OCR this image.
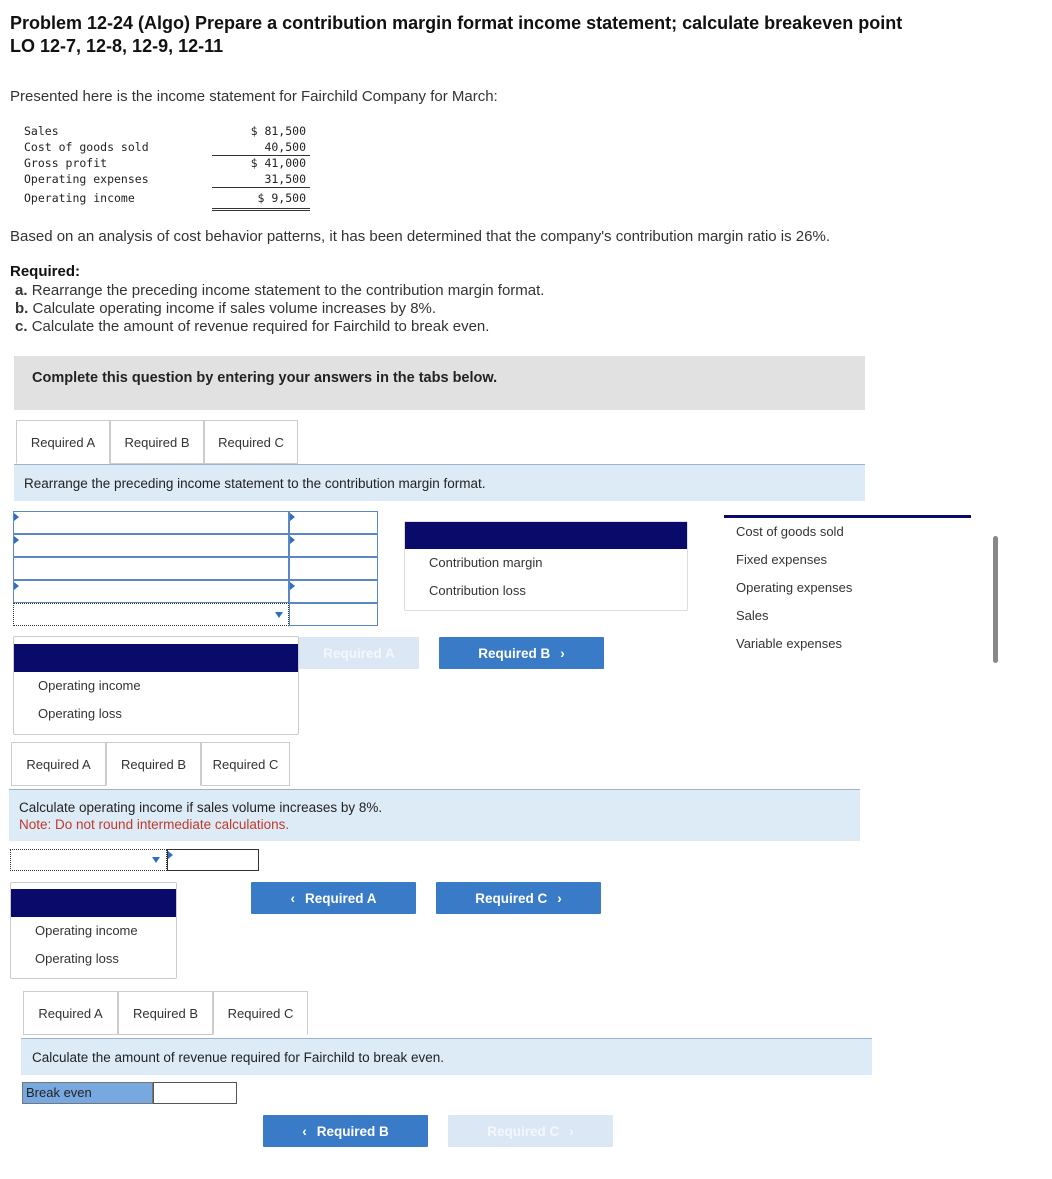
Problem 12-24 (Algo) Prepare a contribution margin format income statement; calculate breakeven point LO 12-7, 12-8, 12-9, 12-11
Presented here is the income statement for Fairchild Company for March:
Sales	$ 81,500
Cost of goods sold	40,500
Gross profit	$ 41,000
Operating expenses	31,500
Operating income	$ 9,500
Based on an analysis of cost behavior patterns, it has been determined that the company's contribution margin ratio is 26%.
Required:
a. Rearrange the preceding income statement to the contribution margin format.
b. Calculate operating income if sales volume increases by 8%.
c. Calculate the amount of revenue required for Fairchild to break even.
Complete this question by entering your answers in the tabs below.
Required A	Required B	Required C
Rearrange the preceding income statement to the contribution margin format.
Contribution margin
Contribution loss
Operating income
Operating loss
Required A	Required B ›
Cost of goods sold
Fixed expenses
Operating expenses
Sales
Variable expenses
Required A	Required B	Required C
Calculate operating income if sales volume increases by 8%.
Note: Do not round intermediate calculations.
Operating income
Operating loss
‹ Required A	Required C ›
Required A	Required B	Required C
Calculate the amount of revenue required for Fairchild to break even.
Break even
‹ Required B	Required C ›
